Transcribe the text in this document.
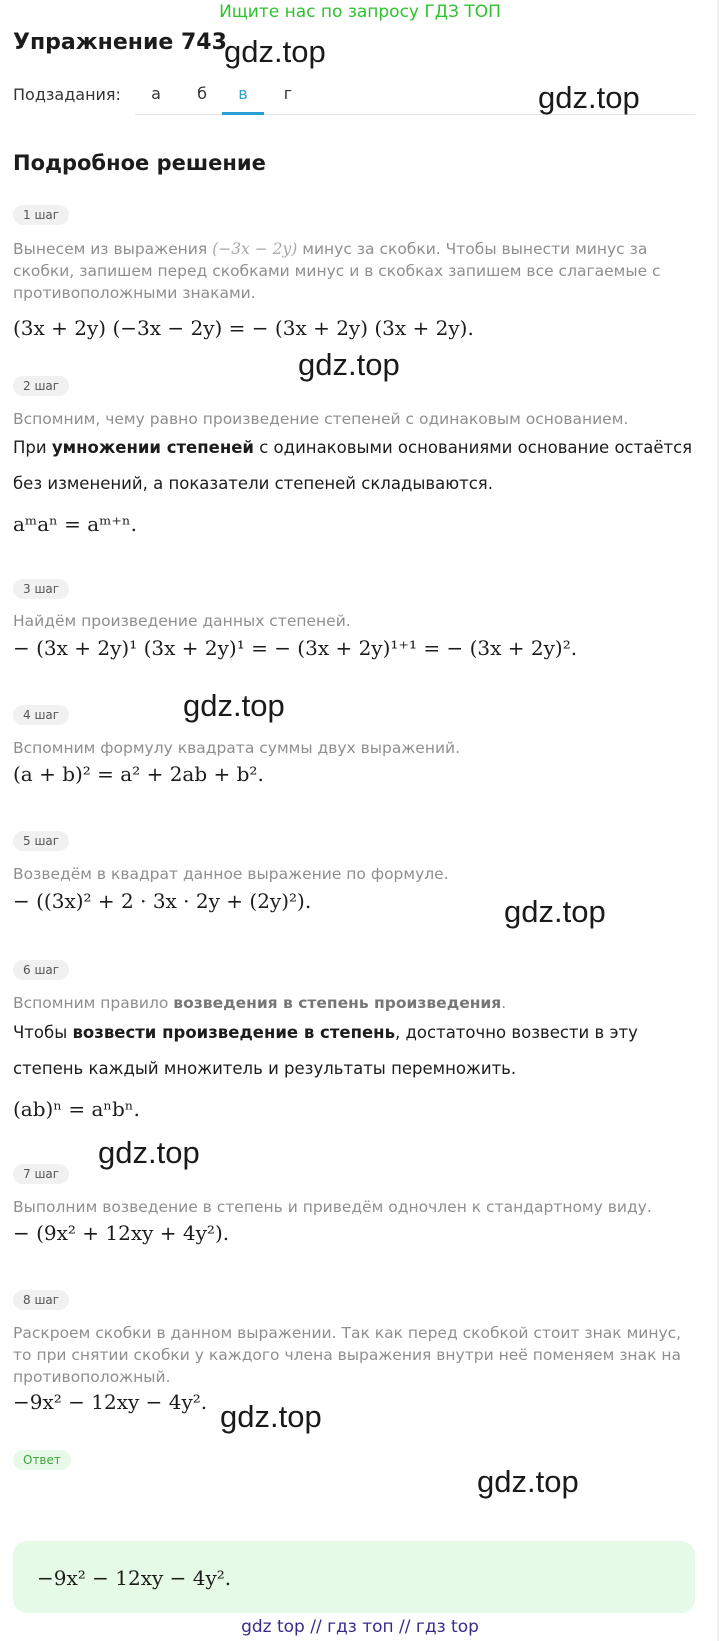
Ищите нас по запросу ГДЗ ТОП
Упражнение 743
Подзадания:	а	б	в	г
Подробное решение
1 шаг
Вынесем из выражения (−3x − 2y) минус за скобки. Чтобы вынести минус за скобки, запишем перед скобками минус и в скобках запишем все слагаемые с противоположными знаками.
(3x + 2y) (−3x − 2y) = − (3x + 2y) (3x + 2y).
2 шаг
Вспомним, чему равно произведение степеней с одинаковым основанием.
При умножении степеней с одинаковыми основаниями основание остаётся без изменений, а показатели степеней складываются.
aᵐaⁿ = aᵐ⁺ⁿ.
3 шаг
Найдём произведение данных степеней.
− (3x + 2y)¹ (3x + 2y)¹ = − (3x + 2y)¹⁺¹ = − (3x + 2y)².
4 шаг
Вспомним формулу квадрата суммы двух выражений.
(a + b)² = a² + 2ab + b².
5 шаг
Возведём в квадрат данное выражение по формуле.
− ((3x)² + 2 · 3x · 2y + (2y)²).
6 шаг
Вспомним правило возведения в степень произведения.
Чтобы возвести произведение в степень, достаточно возвести в эту степень каждый множитель и результаты перемножить.
(ab)ⁿ = aⁿbⁿ.
7 шаг
Выполним возведение в степень и приведём одночлен к стандартному виду.
− (9x² + 12xy + 4y²).
8 шаг
Раскроем скобки в данном выражении. Так как перед скобкой стоит знак минус, то при снятии скобки у каждого члена выражения внутри неё поменяем знак на противоположный.
−9x² − 12xy − 4y².
Ответ
−9x² − 12xy − 4y².
gdz.top
gdz.top
gdz.top
gdz.top
gdz.top
gdz.top
gdz.top
gdz.top
gdz top // гдз топ // гдз top
